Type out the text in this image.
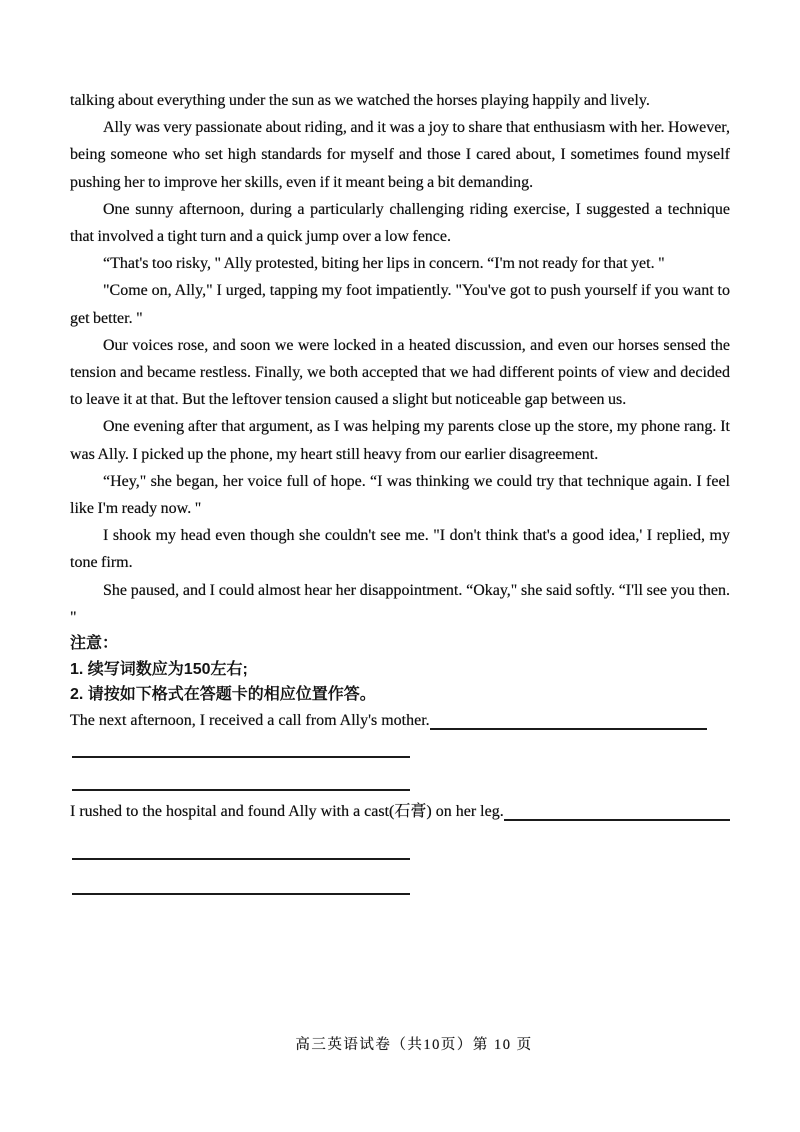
talking about everything under the sun as we watched the horses playing happily and lively.

Ally was very passionate about riding, and it was a joy to share that enthusiasm with her. However, being someone who set high standards for myself and those I cared about, I sometimes found myself pushing her to improve her skills, even if it meant being a bit demanding.

One sunny afternoon, during a particularly challenging riding exercise, I suggested a technique that involved a tight turn and a quick jump over a low fence.

“That's too risky, " Ally protested, biting her lips in concern. “I'm not ready for that yet. "

"Come on, Ally," I urged, tapping my foot impatiently. "You've got to push yourself if you want to get better. "

Our voices rose, and soon we were locked in a heated discussion, and even our horses sensed the tension and became restless. Finally, we both accepted that we had different points of view and decided to leave it at that. But the leftover tension caused a slight but noticeable gap between us.

One evening after that argument, as I was helping my parents close up the store, my phone rang. It was Ally. I picked up the phone, my heart still heavy from our earlier disagreement.

“Hey," she began, her voice full of hope. “I was thinking we could try that technique again. I feel like I'm ready now. "

I shook my head even though she couldn't see me. "I don't think that's a good idea,' I replied, my tone firm.

She paused, and I could almost hear her disappointment. “Okay," she said softly. “I'll see you then. "

注意：

1. 续写词数应为150左右;

2. 请按如下格式在答题卡的相应位置作答。

The next afternoon, I received a call from Ally's mother.
I rushed to the hospital and found Ally with a cast(石膏) on her leg.
高三英语试卷（共10页）第 10 页
